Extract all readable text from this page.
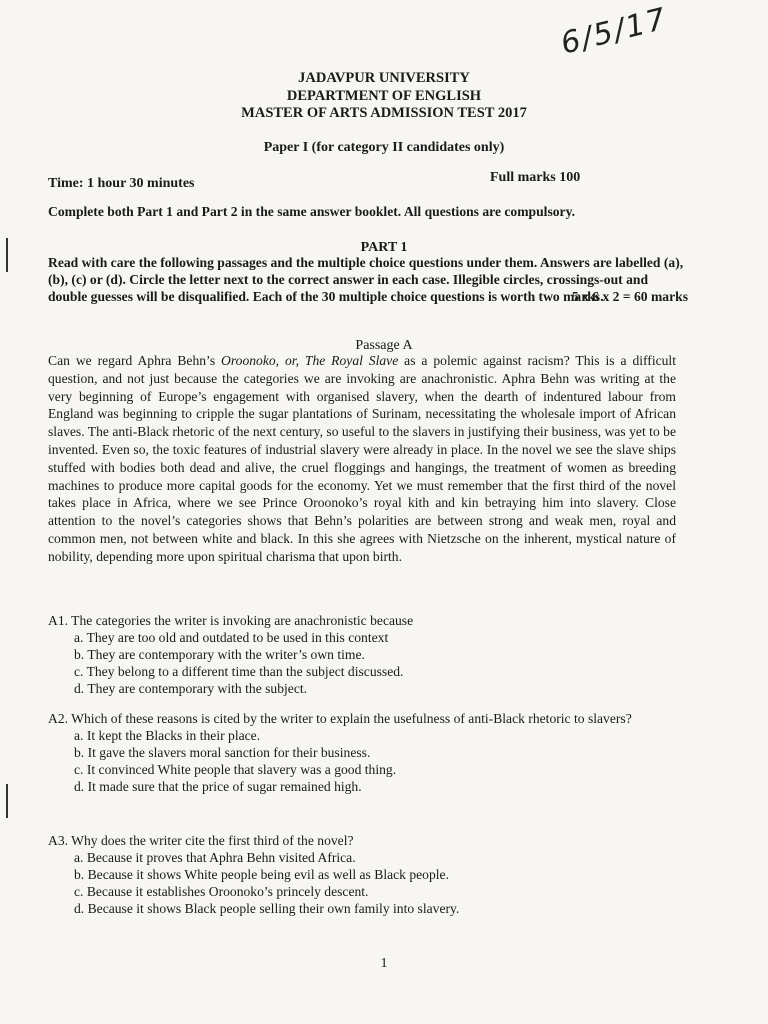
6/5/17
JADAVPUR UNIVERSITY
DEPARTMENT OF ENGLISH
MASTER OF ARTS ADMISSION TEST 2017
Paper I (for category II candidates only)
Time: 1 hour 30 minutes	Full marks 100
Complete both Part 1 and Part 2 in the same answer booklet. All questions are compulsory.
PART 1
Read with care the following passages and the multiple choice questions under them. Answers are labelled (a), (b), (c) or (d). Circle the letter next to the correct answer in each case. Illegible circles, crossings-out and double guesses will be disqualified. Each of the 30 multiple choice questions is worth two marks.
5 x 6 x 2 = 60 marks
Passage A
Can we regard Aphra Behn’s Oroonoko, or, The Royal Slave as a polemic against racism? This is a difficult question, and not just because the categories we are invoking are anachronistic. Aphra Behn was writing at the very beginning of Europe’s engagement with organised slavery, when the dearth of indentured labour from England was beginning to cripple the sugar plantations of Surinam, necessitating the wholesale import of African slaves. The anti-Black rhetoric of the next century, so useful to the slavers in justifying their business, was yet to be invented. Even so, the toxic features of industrial slavery were already in place. In the novel we see the slave ships stuffed with bodies both dead and alive, the cruel floggings and hangings, the treatment of women as breeding machines to produce more capital goods for the economy. Yet we must remember that the first third of the novel takes place in Africa, where we see Prince Oroonoko’s royal kith and kin betraying him into slavery. Close attention to the novel’s categories shows that Behn’s polarities are between strong and weak men, royal and common men, not between white and black. In this she agrees with Nietzsche on the inherent, mystical nature of nobility, depending more upon spiritual charisma that upon birth.
A1. The categories the writer is invoking are anachronistic because
a. They are too old and outdated to be used in this context
b. They are contemporary with the writer’s own time.
c. They belong to a different time than the subject discussed.
d. They are contemporary with the subject.
A2. Which of these reasons is cited by the writer to explain the usefulness of anti-Black rhetoric to slavers?
a. It kept the Blacks in their place.
b. It gave the slavers moral sanction for their business.
c. It convinced White people that slavery was a good thing.
d. It made sure that the price of sugar remained high.
A3. Why does the writer cite the first third of the novel?
a. Because it proves that Aphra Behn visited Africa.
b. Because it shows White people being evil as well as Black people.
c. Because it establishes Oroonoko’s princely descent.
d. Because it shows Black people selling their own family into slavery.
1
